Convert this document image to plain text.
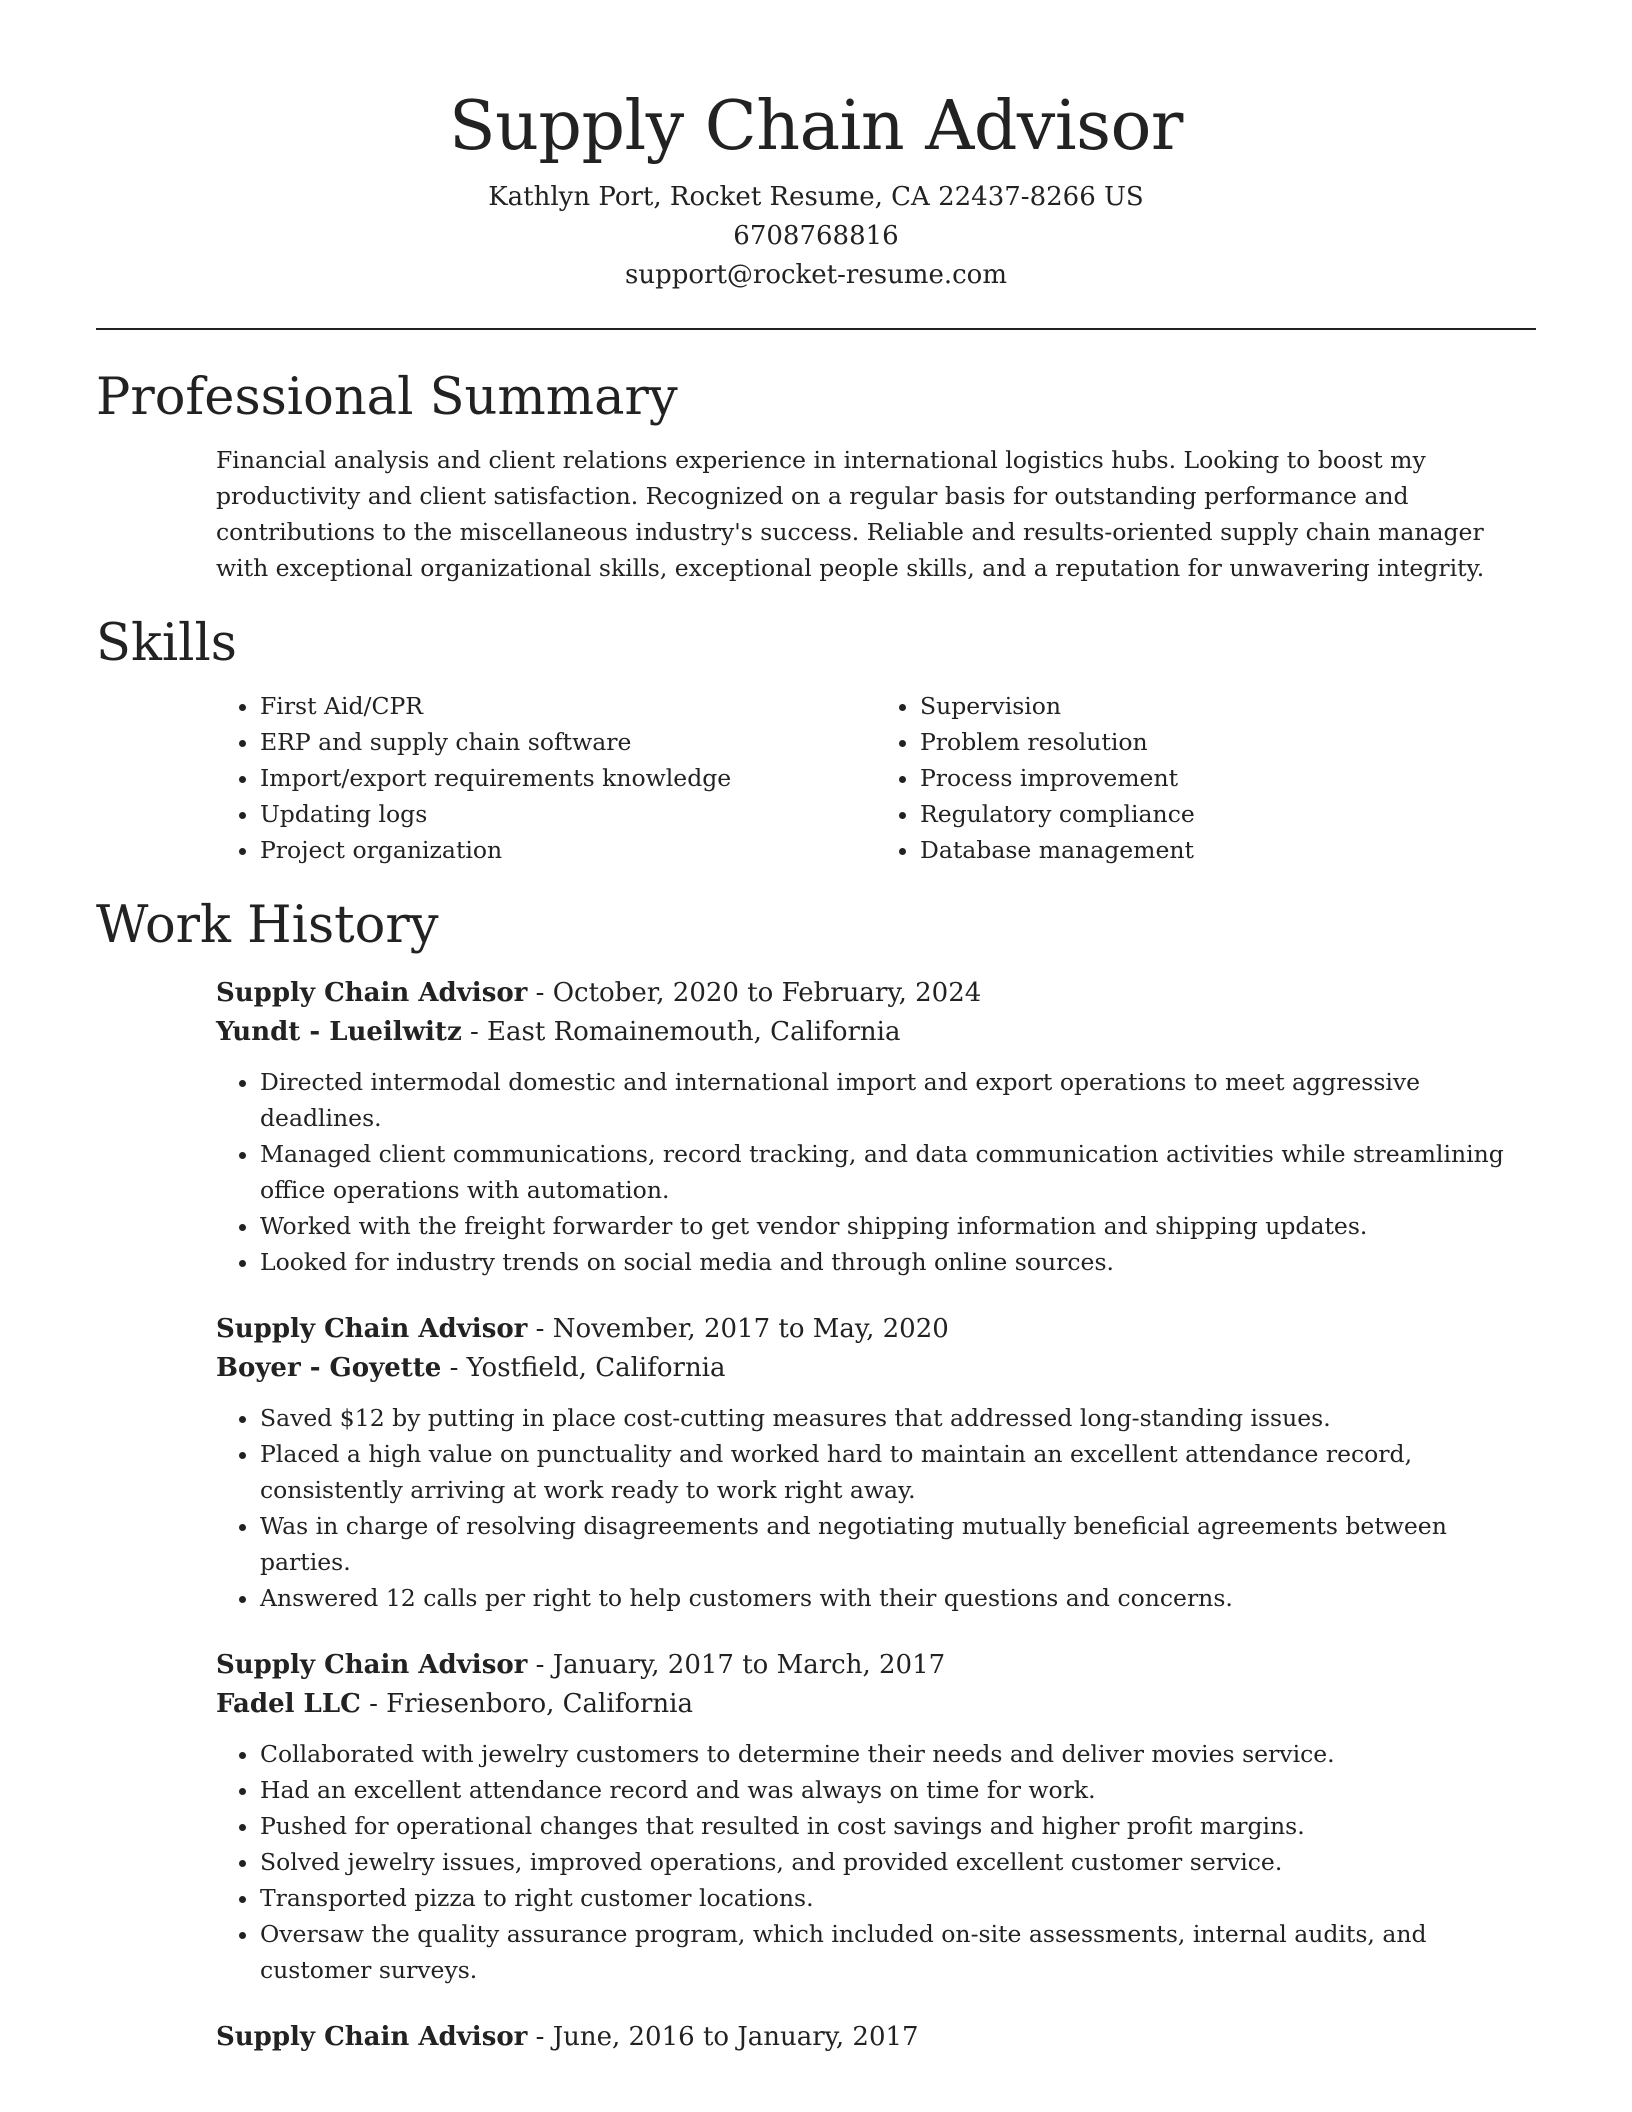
Supply Chain Advisor
Kathlyn Port, Rocket Resume, CA 22437-8266 US
6708768816
support@rocket-resume.com
Professional Summary

Financial analysis and client relations experience in international logistics hubs. Looking to boost my productivity and client satisfaction. Recognized on a regular basis for outstanding performance and contributions to the miscellaneous industry's success. Reliable and results-oriented supply chain manager with exceptional organizational skills, exceptional people skills, and a reputation for unwavering integrity.

Skills
• First Aid/CPR
• ERP and supply chain software
• Import/export requirements knowledge
• Updating logs
• Project organization
• Supervision
• Problem resolution
• Process improvement
• Regulatory compliance
• Database management
Work History
Supply Chain Advisor - October, 2020 to February, 2024
Yundt - Lueilwitz - East Romainemouth, California
• Directed intermodal domestic and international import and export operations to meet aggressive deadlines.
• Managed client communications, record tracking, and data communication activities while streamlining office operations with automation.
• Worked with the freight forwarder to get vendor shipping information and shipping updates.
• Looked for industry trends on social media and through online sources.
Supply Chain Advisor - November, 2017 to May, 2020
Boyer - Goyette - Yostfield, California
• Saved $12 by putting in place cost-cutting measures that addressed long-standing issues.
• Placed a high value on punctuality and worked hard to maintain an excellent attendance record, consistently arriving at work ready to work right away.
• Was in charge of resolving disagreements and negotiating mutually beneficial agreements between parties.
• Answered 12 calls per right to help customers with their questions and concerns.
Supply Chain Advisor - January, 2017 to March, 2017
Fadel LLC - Friesenboro, California
• Collaborated with jewelry customers to determine their needs and deliver movies service.
• Had an excellent attendance record and was always on time for work.
• Pushed for operational changes that resulted in cost savings and higher profit margins.
• Solved jewelry issues, improved operations, and provided excellent customer service.
• Transported pizza to right customer locations.
• Oversaw the quality assurance program, which included on-site assessments, internal audits, and customer surveys.
Supply Chain Advisor - June, 2016 to January, 2017
